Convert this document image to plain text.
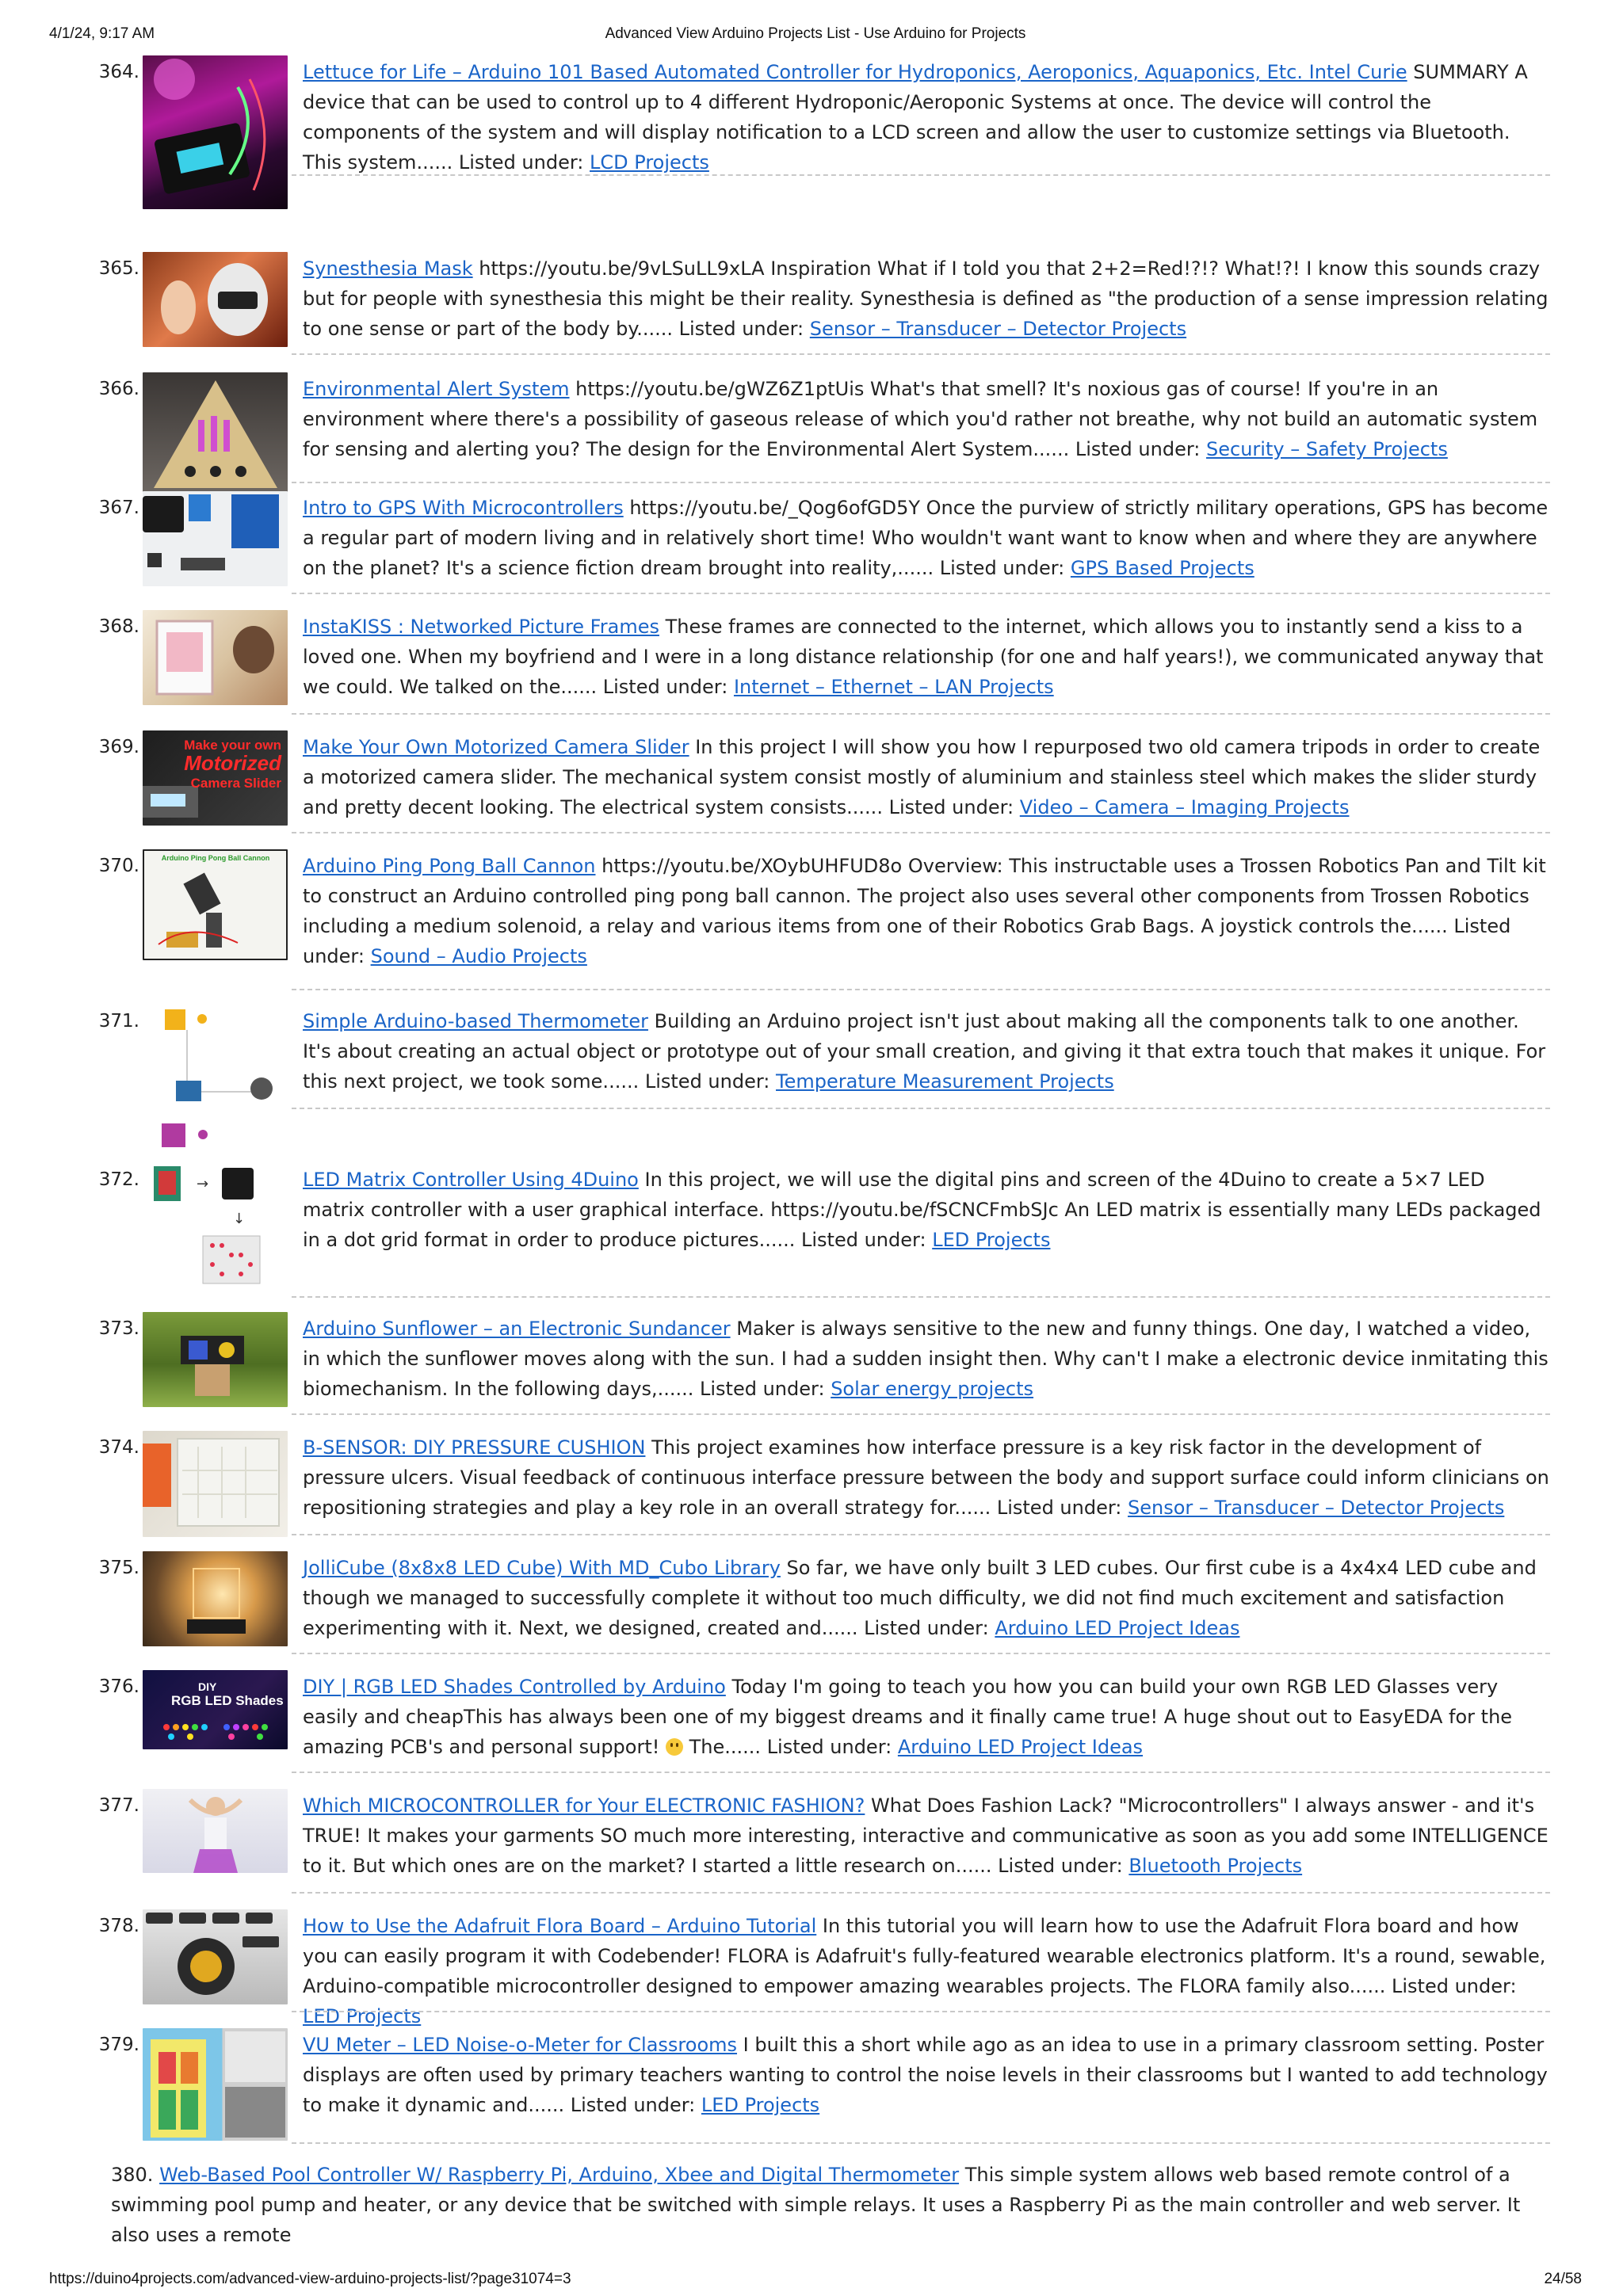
4/1/24, 9:17 AM	Advanced View Arduino Projects List - Use Arduino for Projects
364.	Lettuce for Life – Arduino 101 Based Automated Controller for Hydroponics, Aeroponics, Aquaponics, Etc. Intel Curie SUMMARY A device that can be used to control up to 4 different Hydroponic/Aeroponic Systems at once. The device will control the components of the system and will display notification to a LCD screen and allow the user to customize settings via Bluetooth. This system...... Listed under: LCD Projects
365.	Synesthesia Mask https://youtu.be/9vLSuLL9xLA Inspiration What if I told you that 2+2=Red!?!? What!?! I know this sounds crazy but for people with synesthesia this might be their reality. Synesthesia is defined as "the production of a sense impression relating to one sense or part of the body by...... Listed under: Sensor – Transducer – Detector Projects
366.	Environmental Alert System https://youtu.be/gWZ6Z1ptUis What's that smell? It's noxious gas of course! If you're in an environment where there's a possibility of gaseous release of which you'd rather not breathe, why not build an automatic system for sensing and alerting you? The design for the Environmental Alert System...... Listed under: Security – Safety Projects
367.	Intro to GPS With Microcontrollers https://youtu.be/_Qog6ofGD5Y Once the purview of strictly military operations, GPS has become a regular part of modern living and in relatively short time! Who wouldn't want want to know when and where they are anywhere on the planet? It's a science fiction dream brought into reality,...... Listed under: GPS Based Projects
368.	InstaKISS : Networked Picture Frames These frames are connected to the internet, which allows you to instantly send a kiss to a loved one. When my boyfriend and I were in a long distance relationship (for one and half years!), we communicated anyway that we could. We talked on the...... Listed under: Internet – Ethernet – LAN Projects
369.	Make your own
Motorized
Camera Slider
Make Your Own Motorized Camera Slider In this project I will show you how I repurposed two old camera tripods in order to create a motorized camera slider. The mechanical system consist mostly of aluminium and stainless steel which makes the slider sturdy and pretty decent looking. The electrical system consists...... Listed under: Video – Camera – Imaging Projects
370.	Arduino Ping Pong Ball Cannon Arduino Ping Pong Ball Cannon https://youtu.be/XOybUHFUD8o Overview: This instructable uses a Trossen Robotics Pan and Tilt kit to construct an Arduino controlled ping pong ball cannon. The project also uses several other components from Trossen Robotics including a medium solenoid, a relay and various items from one of their Robotics Grab Bags. A joystick controls the...... Listed under: Sound – Audio Projects
371.	Simple Arduino-based Thermometer Building an Arduino project isn't just about making all the components talk to one another. It's about creating an actual object or prototype out of your small creation, and giving it that extra touch that makes it unique. For this next project, we took some...... Listed under: Temperature Measurement Projects
372.	→
↓
LED Matrix Controller Using 4Duino In this project, we will use the digital pins and screen of the 4Duino to create a 5×7 LED matrix controller with a user graphical interface. https://youtu.be/fSCNCFmbSJc An LED matrix is essentially many LEDs packaged in a dot grid format in order to produce pictures...... Listed under: LED Projects
373.	Arduino Sunflower – an Electronic Sundancer Maker is always sensitive to the new and funny things. One day, I watched a video, in which the sunflower moves along with the sun. I had a sudden insight then. Why can't I make a electronic device inmitating this biomechanism. In the following days,...... Listed under: Solar energy projects
374.	B-SENSOR: DIY PRESSURE CUSHION This project examines how interface pressure is a key risk factor in the development of pressure ulcers. Visual feedback of continuous interface pressure between the body and support surface could inform clinicians on repositioning strategies and play a key role in an overall strategy for...... Listed under: Sensor – Transducer – Detector Projects
375.	JolliCube (8x8x8 LED Cube) With MD_Cubo Library So far, we have only built 3 LED cubes. Our first cube is a 4x4x4 LED cube and though we managed to successfully complete it without too much difficulty, we did not find much excitement and satisfaction experimenting with it. Next, we designed, created and...... Listed under: Arduino LED Project Ideas
376.	DIY
RGB LED Shades
DIY | RGB LED Shades Controlled by Arduino Today I'm going to teach you how you can build your own RGB LED Glasses very easily and cheapThis has always been one of my biggest dreams and it finally came true! A huge shout out to EasyEDA for the amazing PCB's and personal support!  The...... Listed under: Arduino LED Project Ideas
377.	Which MICROCONTROLLER for Your ELECTRONIC FASHION? What Does Fashion Lack? "Microcontrollers" I always answer - and it's TRUE! It makes your garments SO much more interesting, interactive and communicative as soon as you add some INTELLIGENCE to it. But which ones are on the market? I started a little research on...... Listed under: Bluetooth Projects
378.	How to Use the Adafruit Flora Board – Arduino Tutorial In this tutorial you will learn how to use the Adafruit Flora board and how you can easily program it with Codebender! FLORA is Adafruit's fully-featured wearable electronics platform. It's a round, sewable, Arduino-compatible microcontroller designed to empower amazing wearables projects. The FLORA family also...... Listed under: LED Projects
379.	VU Meter – LED Noise-o-Meter for Classrooms I built this a short while ago as an idea to use in a primary classroom setting. Poster displays are often used by primary teachers wanting to control the noise levels in their classrooms but I wanted to add technology to make it dynamic and...... Listed under: LED Projects
380. Web-Based Pool Controller W/ Raspberry Pi, Arduino, Xbee and Digital Thermometer This simple system allows web based remote control of a swimming pool pump and heater, or any device that be switched with simple relays. It uses a Raspberry Pi as the main controller and web server. It also uses a remote
https://duino4projects.com/advanced-view-arduino-projects-list/?page31074=3	24/58
